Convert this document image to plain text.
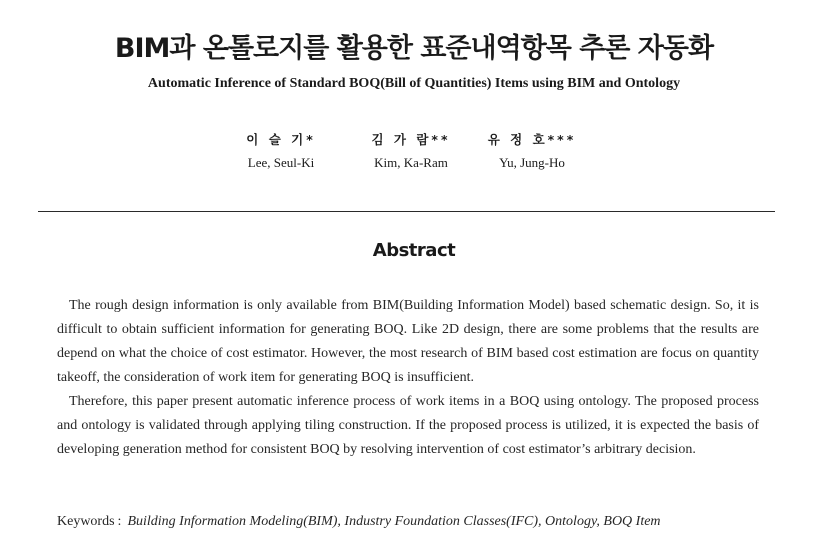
BIM과 온톨로지를 활용한 표준내역항목 추론 자동화
Automatic Inference of Standard BOQ(Bill of Quantities) Items using BIM and Ontology
이 슬 기*
Lee, Seul-Ki
김 가 람**
Kim, Ka-Ram
유 정 호***
Yu, Jung-Ho
Abstract

The rough design information is only available from BIM(Building Information Model) based schematic design. So, it is difficult to obtain sufficient information for generating BOQ. Like 2D design, there are some problems that the results are depend on what the choice of cost estimator. However, the most research of BIM based cost estimation are focus on quantity takeoff, the consideration of work item for generating BOQ is insufficient.

Therefore, this paper present automatic inference process of work items in a BOQ using ontology. The proposed process and ontology is validated through applying tiling construction. If the proposed process is utilized, it is expected the basis of developing generation method for consistent BOQ by resolving intervention of cost estimator’s arbitrary decision.

Keywords : Building Information Modeling(BIM), Industry Foundation Classes(IFC), Ontology, BOQ Item
